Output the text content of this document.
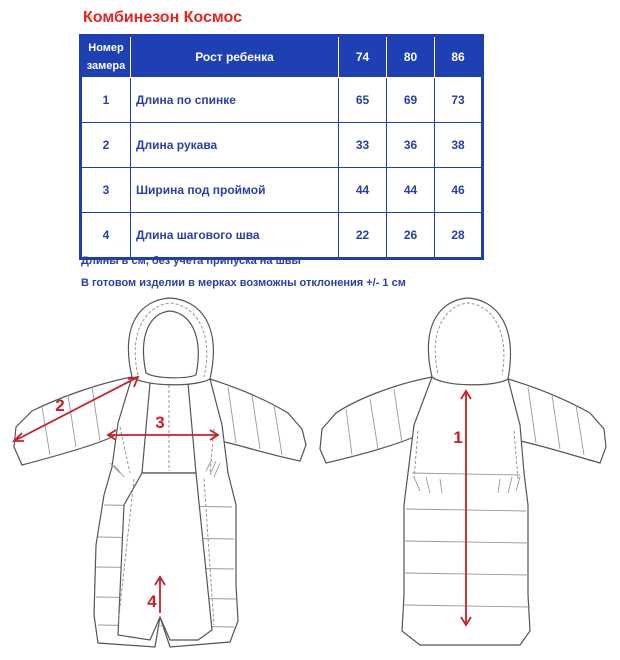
Комбинезон Космос
Номер
замера	Рост ребенка	74	80	86
1	Длина по спинке	65	69	73
2	Длина рукава	33	36	38
3	Ширина под проймой	44	44	46
4	Длина шагового шва	22	26	28
Длины в см, без учета припуска на швы
В готовом изделии в мерках возможны отклонения +/- 1 см
2
3
4
1
